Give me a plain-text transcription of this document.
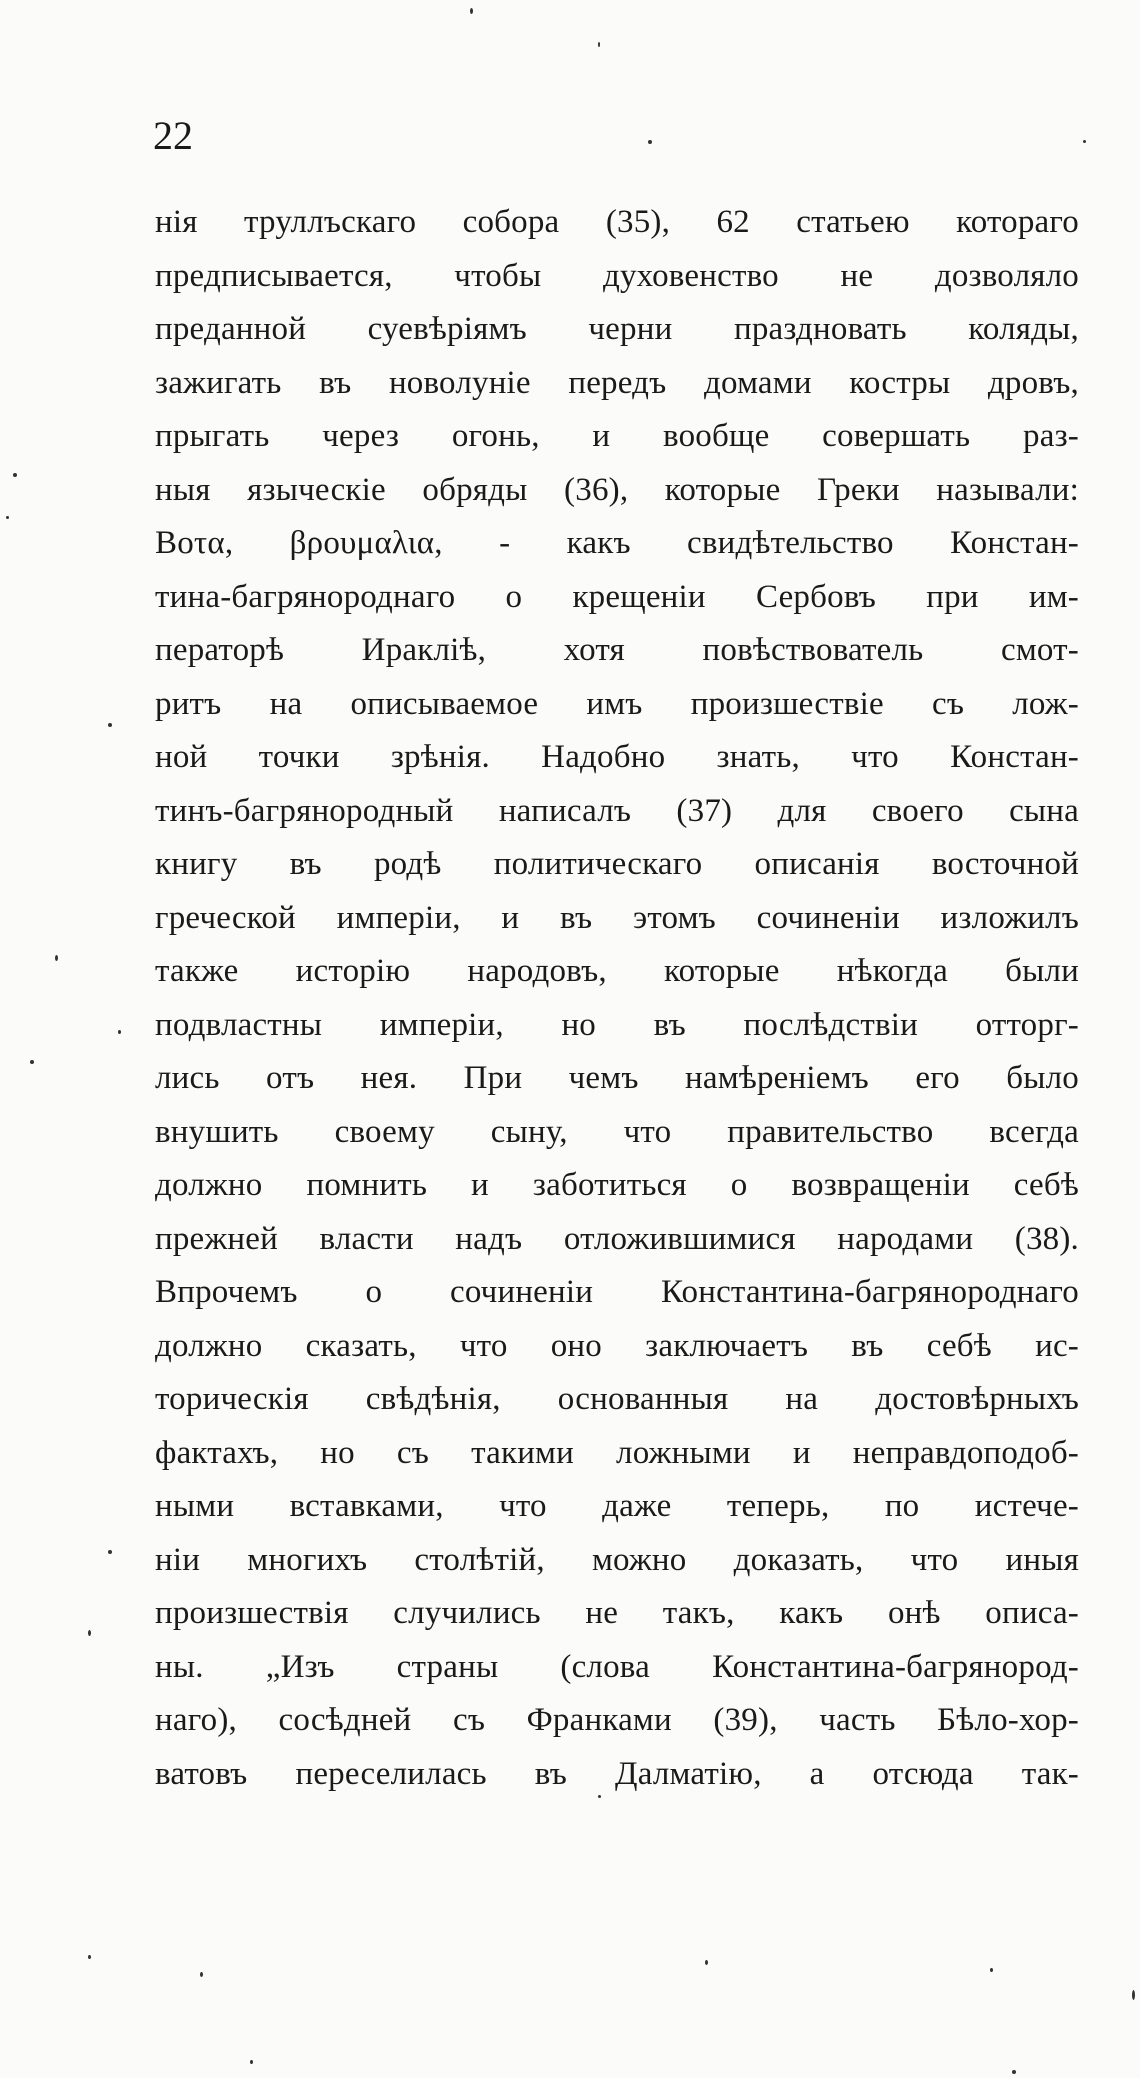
22
нія труллъскаго собора (35), 62 статьею котораго
предписывается, чтобы духовенство не дозволяло
преданной суевѣріямъ черни праздновать коляды,
зажигать въ новолуніе передъ домами костры дровъ,
прыгать через огонь, и вообще совершать раз-
ныя языческіе обряды (36), которые Греки называли:
Βοτα, βρουμαλια, - какъ свидѣтельство Констан-
тина-багрянороднаго о крещеніи Сербовъ при им-
ператорѣ Ираклiѣ, хотя повѣствователь смот-
ритъ на описываемое имъ произшествіе съ лож-
ной точки зрѣнія. Надобно знать, что Констан-
тинъ-багрянородный написалъ (37) для своего сына
книгу въ родѣ политическаго описанія восточной
греческой имперіи, и въ этомъ сочиненіи изложилъ
также исторію народовъ, которые нѣкогда были
подвластны имперіи, но въ послѣдствіи отторг-
лись отъ нея. При чемъ намѣреніемъ его было
внушить своему сыну, что правительство всегда
должно помнить и заботиться о возвращеніи себѣ
прежней власти надъ отложившимися народами (38).
Впрочемъ о сочиненіи Константина-багрянороднаго
должно сказать, что оно заключаетъ въ себѣ ис-
торическія свѣдѣнія, основанныя на достовѣрныхъ
фактахъ, но съ такими ложными и неправдоподоб-
ными вставками, что даже теперь, по истече-
ніи многихъ столѣтій, можно доказать, что иныя
произшествія случились не такъ, какъ онѣ описа-
ны. „Изъ страны (слова Константина-багрянород-
наго), сосѣдней съ Франками (39), часть Бѣло-хор-
ватовъ переселилась въ Далматію, а отсюда так-
